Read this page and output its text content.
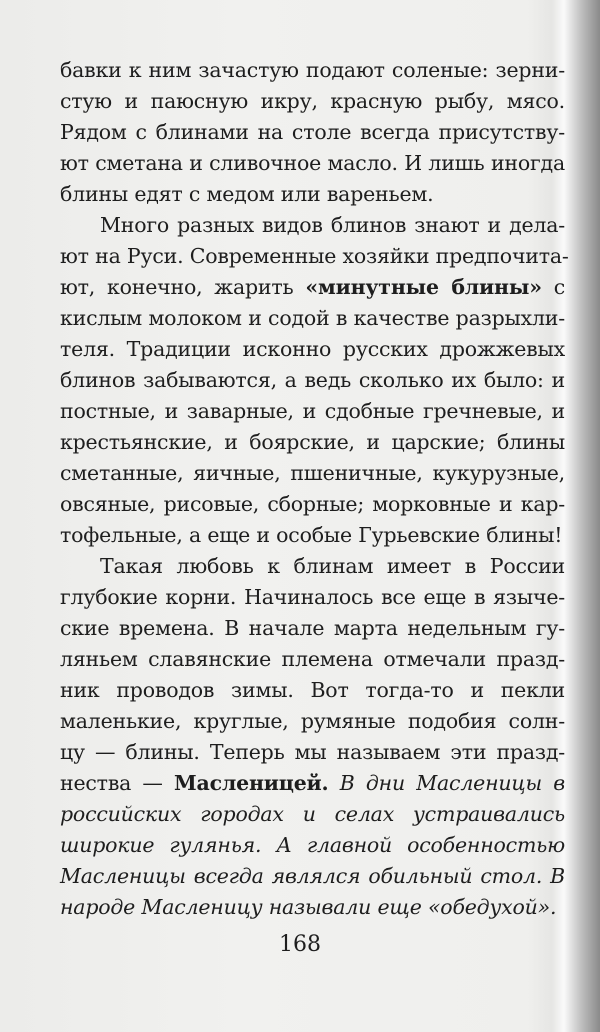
бавки к ним зачастую подают соленые: зерни-
стую и паюсную икру, красную рыбу, мясо.
Рядом с блинами на столе всегда присутству-
ют сметана и сливочное масло. И лишь иногда
блины едят с медом или вареньем.
Много разных видов блинов знают и дела-
ют на Руси. Современные хозяйки предпочита-
ют, конечно, жарить «минутные блины» с
кислым молоком и содой в качестве разрыхли-
теля. Традиции исконно русских дрожжевых
блинов забываются, а ведь сколько их было: и
постные, и заварные, и сдобные гречневые, и
крестьянские, и боярские, и царские; блины
сметанные, яичные, пшеничные, кукурузные,
овсяные, рисовые, сборные; морковные и кар-
тофельные, а еще и особые Гурьевские блины!
Такая любовь к блинам имеет в России
глубокие корни. Начиналось все еще в языче-
ские времена. В начале марта недельным гу-
ляньем славянские племена отмечали празд-
ник проводов зимы. Вот тогда-то и пекли
маленькие, круглые, румяные подобия солн-
цу — блины. Теперь мы называем эти празд-
нества — Масленицей. В дни Масленицы в
российских городах и селах устраивались
широкие гулянья. А главной особенностью
Масленицы всегда являлся обильный стол. В
народе Масленицу называли еще «обедухой».
168
